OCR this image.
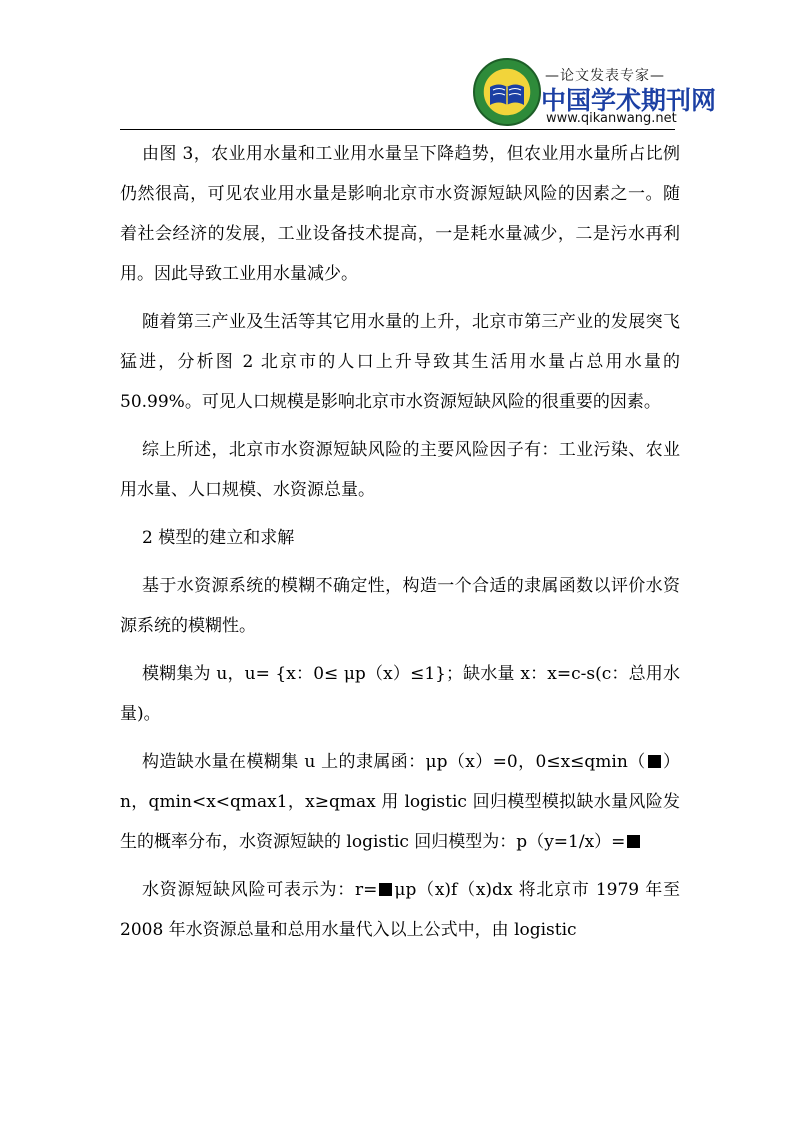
—论文发表专家—
中国学术期刊网
www.qikanwang.net

由图 3，农业用水量和工业用水量呈下降趋势，但农业用水量所占比例仍然很高，可见农业用水量是影响北京市水资源短缺风险的因素之一。随着社会经济的发展，工业设备技术提高，一是耗水量减少，二是污水再利用。因此导致工业用水量减少。

随着第三产业及生活等其它用水量的上升，北京市第三产业的发展突飞猛进，分析图 2 北京市的人口上升导致其生活用水量占总用水量的 50.99%。可见人口规模是影响北京市水资源短缺风险的很重要的因素。

综上所述，北京市水资源短缺风险的主要风险因子有：工业污染、农业用水量、人口规模、水资源总量。

2 模型的建立和求解

基于水资源系统的模糊不确定性，构造一个合适的隶属函数以评价水资源系统的模糊性。

模糊集为 u，u= {x：0≤ μp（x）≤1}；缺水量 x：x=c-s(c：总用水量)。

构造缺水量在模糊集 u 上的隶属函：μp（x）=0，0≤x≤qmin（ ）n，qmin<x<qmax1，x≥qmax 用 logistic 回归模型模拟缺水量风险发生的概率分布，水资源短缺的 logistic 回归模型为：p（y=1/x）=

水资源短缺风险可表示为：r= μp（x)f（x)dx 将北京市 1979 年至 2008 年水资源总量和总用水量代入以上公式中，由 logistic
